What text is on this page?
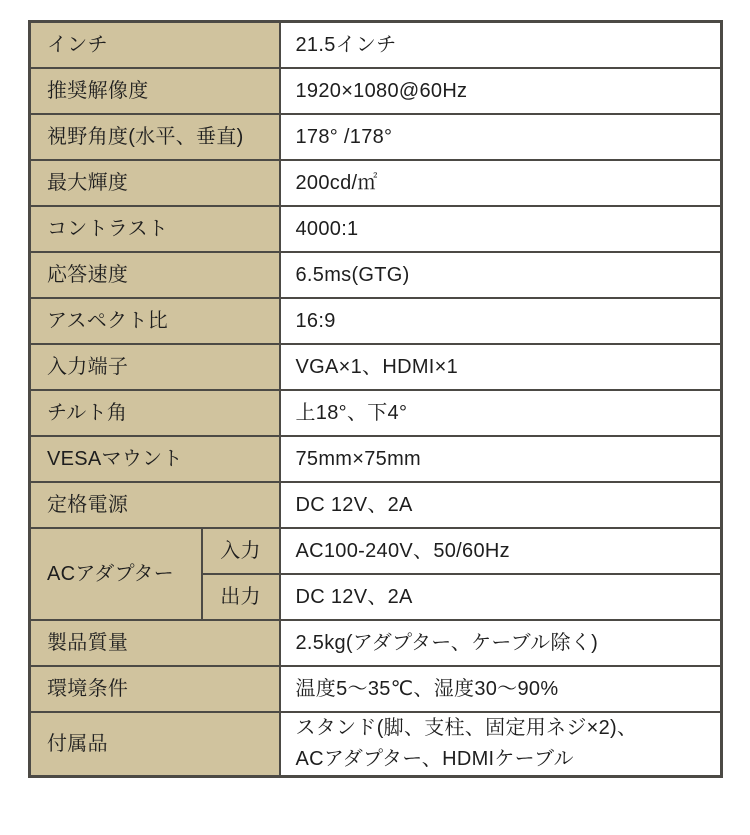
インチ		21.5インチ
推奨解像度		1920×1080@60Hz
視野角度(水平、垂直)		178° /178°
最大輝度		200cd/㎡
コントラスト		4000:1
応答速度		6.5ms(GTG)
アスペクト比		16:9
入力端子		VGA×1、HDMI×1
チルト角		上18°、下4°
VESAマウント		75mm×75mm
定格電源		DC 12V、2A
ACアダプター	入力	AC100-240V、50/60Hz
	出力	DC 12V、2A
製品質量		2.5kg(アダプター、ケーブル除く)
環境条件		温度5〜35℃、湿度30〜90%
付属品		スタンド(脚、支柱、固定用ネジ×2)、
ACアダプター、HDMIケーブル
